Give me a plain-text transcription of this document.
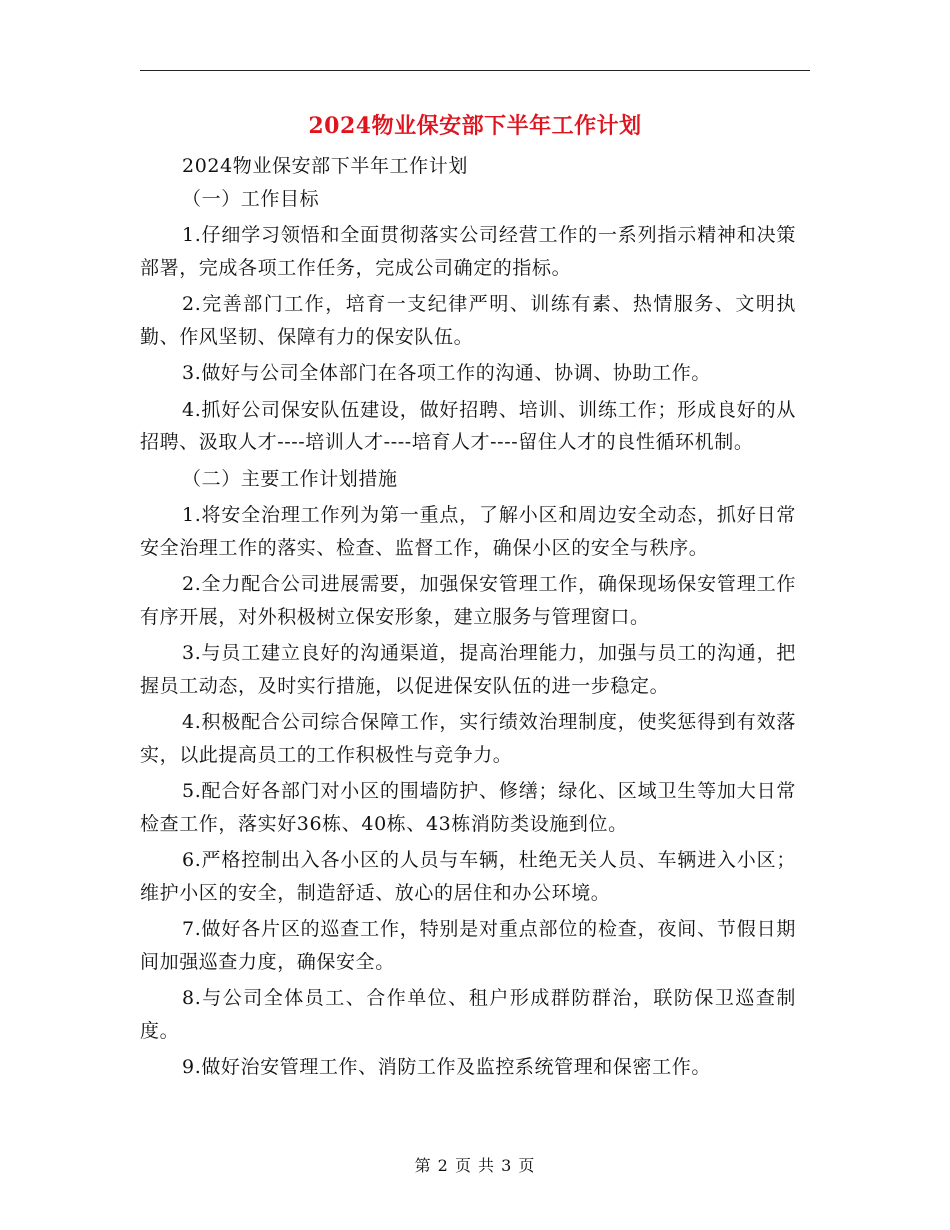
2024物业保安部下半年工作计划

2024物业保安部下半年工作计划

（一）工作目标

1.仔细学习领悟和全面贯彻落实公司经营工作的一系列指示精神和决策部署，完成各项工作任务，完成公司确定的指标。

2.完善部门工作，培育一支纪律严明、训练有素、热情服务、文明执勤、作风坚韧、保障有力的保安队伍。

3.做好与公司全体部门在各项工作的沟通、协调、协助工作。

4.抓好公司保安队伍建设，做好招聘、培训、训练工作；形成良好的从招聘、汲取人才----培训人才----培育人才----留住人才的良性循环机制。

（二）主要工作计划措施

1.将安全治理工作列为第一重点，了解小区和周边安全动态，抓好日常安全治理工作的落实、检查、监督工作，确保小区的安全与秩序。

2.全力配合公司进展需要，加强保安管理工作，确保现场保安管理工作有序开展，对外积极树立保安形象，建立服务与管理窗口。

3.与员工建立良好的沟通渠道，提高治理能力，加强与员工的沟通，把握员工动态，及时实行措施，以促进保安队伍的进一步稳定。

4.积极配合公司综合保障工作，实行绩效治理制度，使奖惩得到有效落实，以此提高员工的工作积极性与竞争力。

5.配合好各部门对小区的围墙防护、修缮；绿化、区域卫生等加大日常检查工作，落实好36栋、40栋、43栋消防类设施到位。

6.严格控制出入各小区的人员与车辆，杜绝无关人员、车辆进入小区；维护小区的安全，制造舒适、放心的居住和办公环境。

7.做好各片区的巡查工作，特别是对重点部位的检查，夜间、节假日期间加强巡查力度，确保安全。

8.与公司全体员工、合作单位、租户形成群防群治，联防保卫巡查制度。

9.做好治安管理工作、消防工作及监控系统管理和保密工作。

第 2 页 共 3 页
